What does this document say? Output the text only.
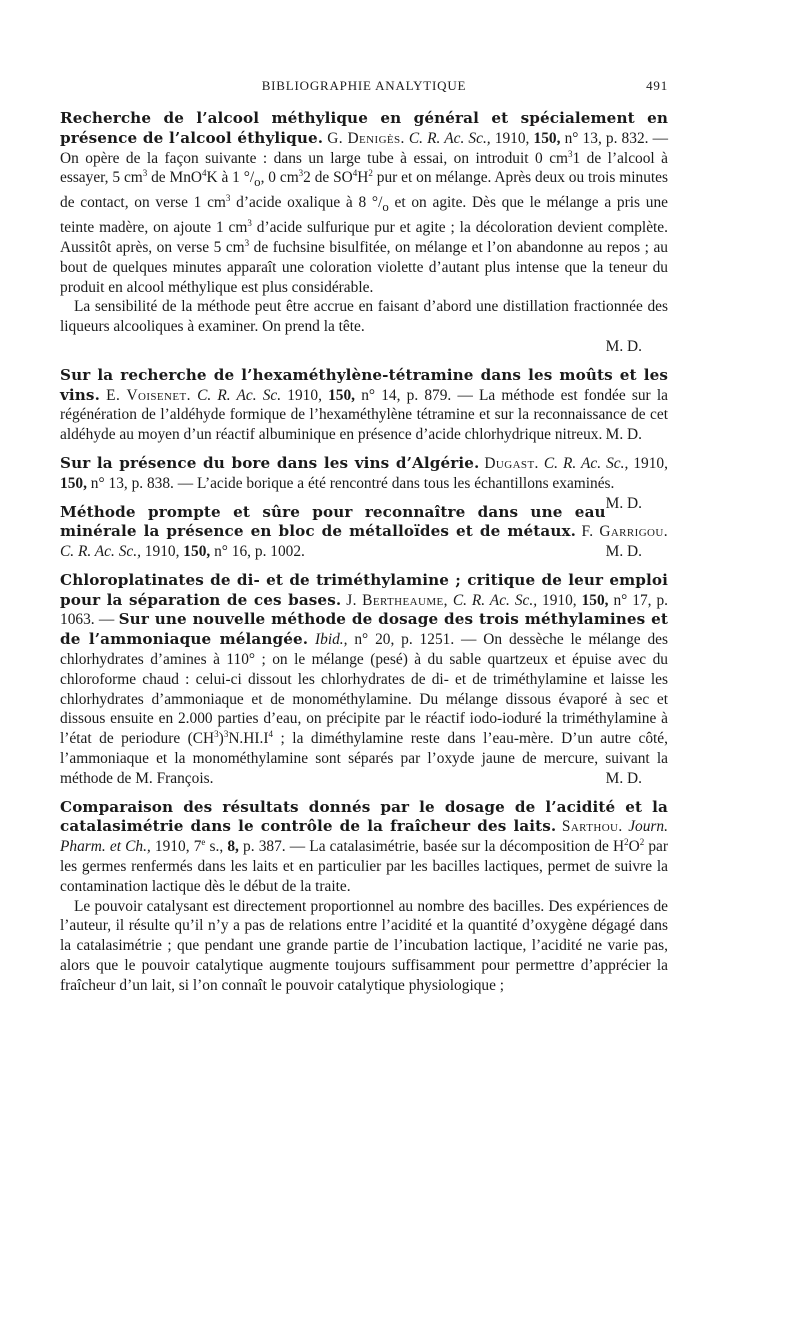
BIBLIOGRAPHIE ANALYTIQUE	491

Recherche de l’alcool méthylique en général et spécialement en présence de l’alcool éthylique. G. Denigès. C. R. Ac. Sc., 1910, 150, n° 13, p. 832. — On opère de la façon suivante : dans un large tube à essai, on introduit 0 $cm^31$ de l’alcool à essayer, 5 $cm^3$ de MnO$^4$K à 1 $^\circ/_o$, 0 $cm^32$ de $SO^4H^2$ pur et on mélange. Après deux ou trois minutes de contact, on verse 1 $cm^3$ d’acide oxalique à 8 $^\circ/_o$ et on agite. Dès que le mélange a pris une teinte madère, on ajoute 1 $cm^3$ d’acide sulfurique pur et agite ; la décoloration devient complète. Aussitôt après, on verse 5 $cm^3$ de fuchsine bisulfitée, on mélange et l’on abandonne au repos ; au bout de quelques minutes apparaît une coloration violette d’autant plus intense que la teneur du produit en alcool méthylique est plus considérable.

La sensibilité de la méthode peut être accrue en faisant d’abord une distillation fractionnée des liqueurs alcooliques à examiner. On prend la tête.

M. D.

Sur la recherche de l’hexaméthylène-tétramine dans les moûts et les vins. E. Voisenet. C. R. Ac. Sc. 1910, 150, n° 14, p. 879. — La méthode est fondée sur la régénération de l’aldéhyde formique de l’hexaméthylène tétramine et sur la reconnaissance de cet aldéhyde au moyen d’un réactif albuminique en présence d’acide chlorhydrique nitreux. M. D.

Sur la présence du bore dans les vins d’Algérie. Dugast. C. R. Ac. Sc., 1910, 150, n° 13, p. 838. — L’acide borique a été rencontré dans tous les échantillons examinés.
M. D.

Méthode prompte et sûre pour reconnaître dans une eau minérale la présence en bloc de métalloïdes et de métaux. F. Garrigou. C. R. Ac. Sc., 1910, 150, n° 16, p. 1002.	M. D.

Chloroplatinates de di- et de triméthylamine ; critique de leur emploi pour la séparation de ces bases. J. Bertheaume, C. R. Ac. Sc., 1910, 150, n° 17, p. 1063. — Sur une nouvelle méthode de dosage des trois méthylamines et de l’ammoniaque mélangée. Ibid., n° 20, p. 1251. — On dessèche le mélange des chlorhydrates d’amines à 110° ; on le mélange (pesé) à du sable quartzeux et épuise avec du chloroforme chaud : celui-ci dissout les chlorhydrates de di- et de triméthylamine et laisse les chlorhydrates d’ammoniaque et de monométhylamine. Du mélange dissous évaporé à sec et dissous ensuite en 2.000 parties d’eau, on précipite par le réactif iodo-ioduré la triméthylamine à l’état de periodure $(CH^3)^3N.HI.I^4$ ; la diméthylamine reste dans l’eau-mère. D’un autre côté, l’ammoniaque et la monométhylamine sont séparés par l’oxyde jaune de mercure, suivant la méthode de M. François.	M. D.

Comparaison des résultats donnés par le dosage de l’acidité et la catalasimétrie dans le contrôle de la fraîcheur des laits. Sarthou. Journ. Pharm. et Ch., 1910, 7e s., 8, p. 387. — La catalasimétrie, basée sur la décomposition de $H^2O^2$ par les germes renfermés dans les laits et en particulier par les bacilles lactiques, permet de suivre la contamination lactique dès le début de la traite.

Le pouvoir catalysant est directement proportionnel au nombre des bacilles. Des expériences de l’auteur, il résulte qu’il n’y a pas de relations entre l’acidité et la quantité d’oxygène dégagé dans la catalasimétrie ; que pendant une grande partie de l’incubation lactique, l’acidité ne varie pas, alors que le pouvoir catalytique augmente toujours suffisamment pour permettre d’apprécier la fraîcheur d’un lait, si l’on connaît le pouvoir catalytique physiologique ;
